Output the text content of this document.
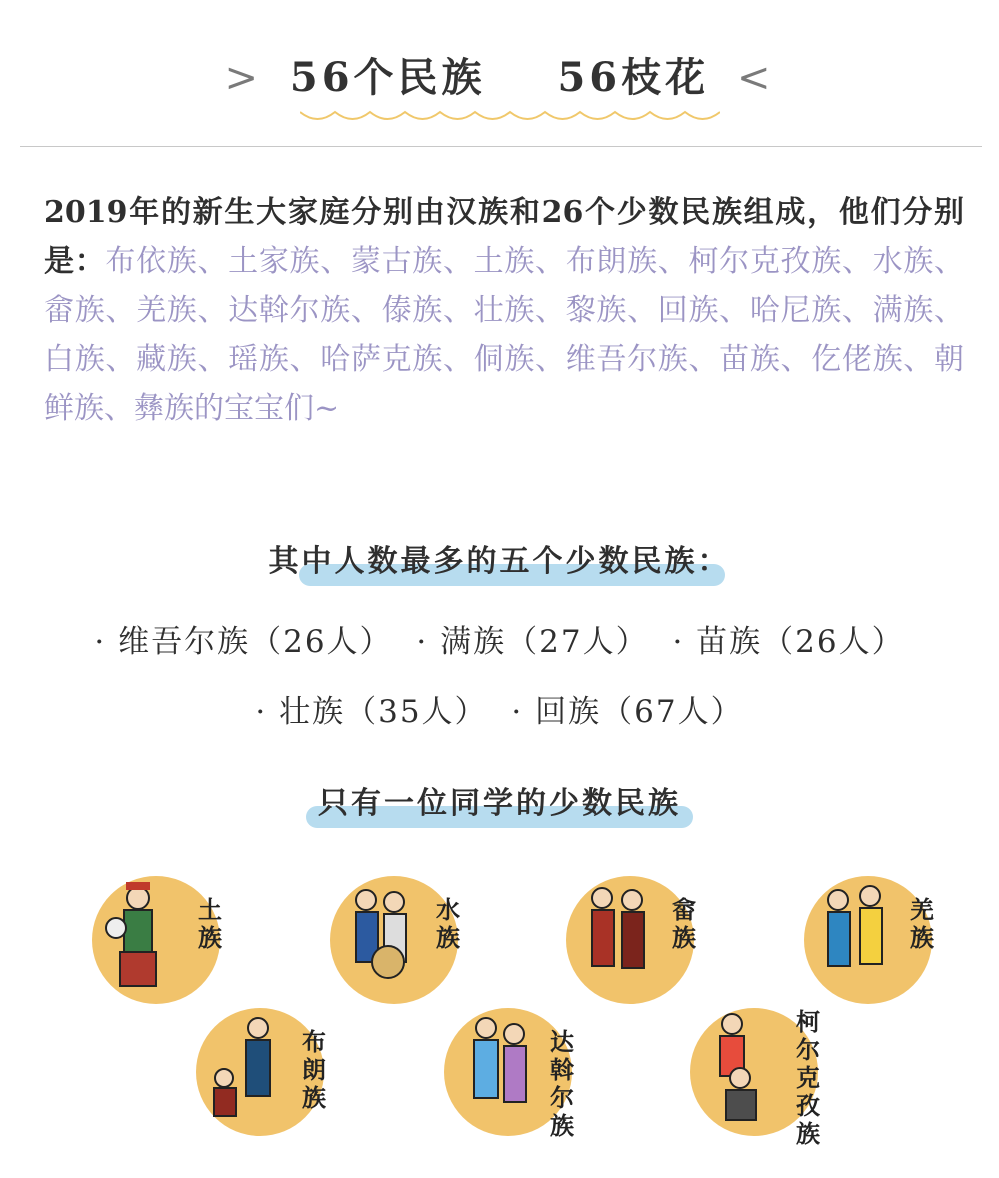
> 56个民族 56枝花 <
2019年的新生大家庭分别由汉族和26个少数民族组成，他们分别是：布依族、土家族、蒙古族、土族、布朗族、柯尔克孜族、水族、畲族、羌族、达斡尔族、傣族、壮族、黎族、回族、哈尼族、满族、白族、藏族、瑶族、哈萨克族、侗族、维吾尔族、苗族、仡佬族、朝鲜族、彝族的宝宝们~
其中人数最多的五个少数民族：
· 维吾尔族（26人） · 满族（27人） · 苗族（26人）
· 壮族（35人） · 回族（67人）
只有一位同学的少数民族
土族
水族
畲族
羌族
布朗族
达斡尔族
柯尔克孜族
